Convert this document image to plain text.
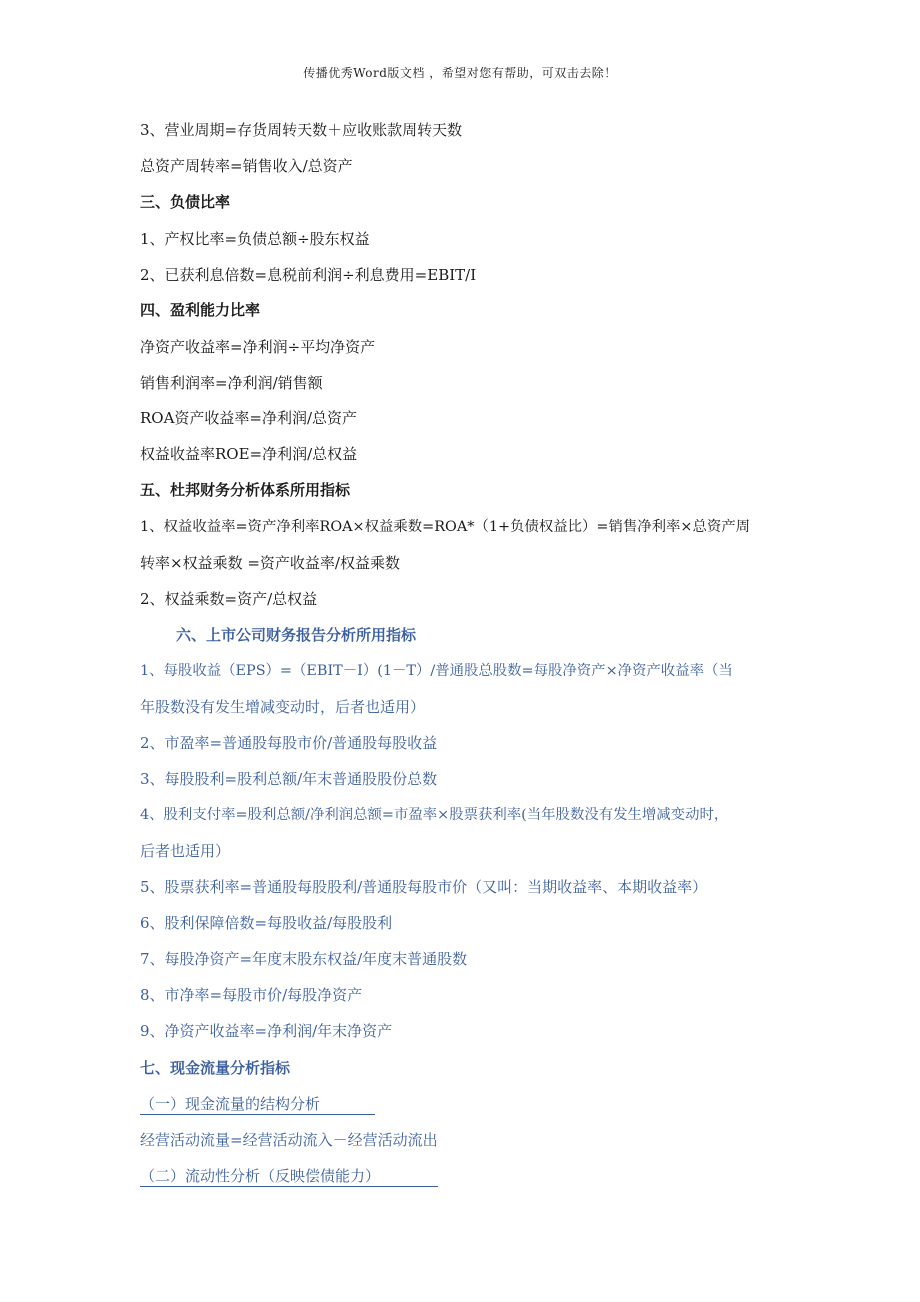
传播优秀Word版文档 ，希望对您有帮助，可双击去除！
3、营业周期=存货周转天数＋应收账款周转天数
总资产周转率=销售收入/总资产
三、负债比率
1、产权比率=负债总额÷股东权益
2、已获利息倍数=息税前利润÷利息费用=EBIT/I
四、盈利能力比率
净资产收益率=净利润÷平均净资产
销售利润率=净利润/销售额
ROA资产收益率=净利润/总资产
权益收益率ROE=净利润/总权益
五、杜邦财务分析体系所用指标
1、权益收益率=资产净利率ROA×权益乘数=ROA*（1+负债权益比）=销售净利率×总资产周
转率×权益乘数 =资产收益率/权益乘数
2、权益乘数=资产/总权益
六、上市公司财务报告分析所用指标
1、每股收益（EPS）=（EBIT－I）(1－T）/普通股总股数=每股净资产×净资产收益率（当
年股数没有发生增减变动时，后者也适用）
2、市盈率=普通股每股市价/普通股每股收益
3、每股股利=股利总额/年末普通股股份总数
4、股利支付率=股利总额/净利润总额=市盈率×股票获利率(当年股数没有发生增减变动时，
后者也适用）
5、股票获利率=普通股每股股利/普通股每股市价（又叫：当期收益率、本期收益率）
6、股利保障倍数=每股收益/每股股利
7、每股净资产=年度末股东权益/年度末普通股数
8、市净率=每股市价/每股净资产
9、净资产收益率=净利润/年末净资产
七、现金流量分析指标
（一）现金流量的结构分析
经营活动流量=经营活动流入－经营活动流出
（二）流动性分析（反映偿债能力）
